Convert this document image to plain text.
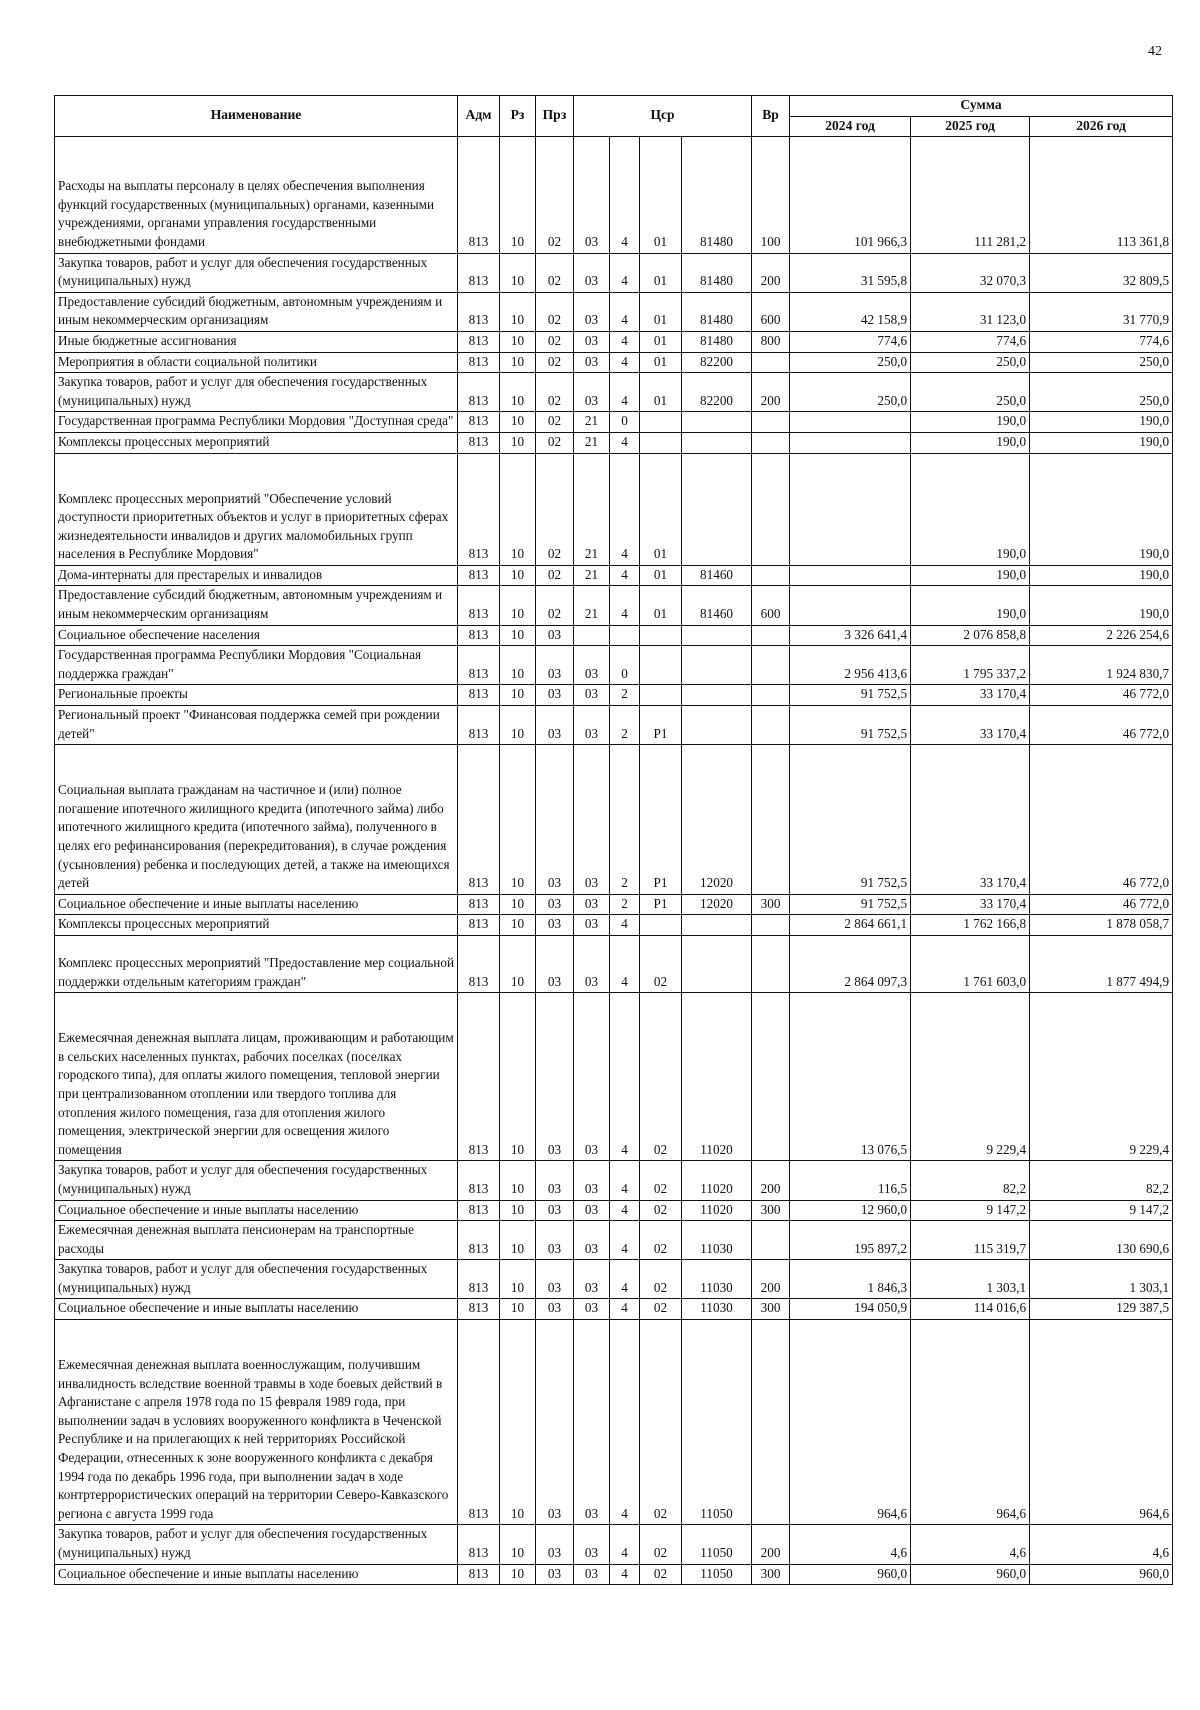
42
Наименование	Адм	Рз	Прз	Цср				Вр	Сумма		
									2024 год	2025 год	2026 год
Расходы на выплаты персоналу в целях обеспечения выполнения функций государственных (муниципальных) органами, казенными учреждениями, органами управления государственными внебюджетными фондами	813	10	02	03	4	01	81480	100	101 966,3	111 281,2	113 361,8
Закупка товаров, работ и услуг для обеспечения государственных (муниципальных) нужд	813	10	02	03	4	01	81480	200	31 595,8	32 070,3	32 809,5
Предоставление субсидий бюджетным, автономным учреждениям и иным некоммерческим организациям	813	10	02	03	4	01	81480	600	42 158,9	31 123,0	31 770,9
Иные бюджетные ассигнования	813	10	02	03	4	01	81480	800	774,6	774,6	774,6
Мероприятия в области социальной политики	813	10	02	03	4	01	82200		250,0	250,0	250,0
Закупка товаров, работ и услуг для обеспечения государственных (муниципальных) нужд	813	10	02	03	4	01	82200	200	250,0	250,0	250,0
Государственная программа Республики Мордовия "Доступная среда"	813	10	02	21	0					190,0	190,0
Комплексы процессных мероприятий	813	10	02	21	4					190,0	190,0
Комплекс процессных мероприятий "Обеспечение условий доступности приоритетных объектов и услуг в приоритетных сферах жизнедеятельности инвалидов и других маломобильных групп населения в Республике Мордовия"	813	10	02	21	4	01				190,0	190,0
Дома-интернаты для престарелых и инвалидов	813	10	02	21	4	01	81460			190,0	190,0
Предоставление субсидий бюджетным, автономным учреждениям и иным некоммерческим организациям	813	10	02	21	4	01	81460	600		190,0	190,0
Социальное обеспечение населения	813	10	03						3 326 641,4	2 076 858,8	2 226 254,6
Государственная программа Республики Мордовия "Социальная поддержка граждан"	813	10	03	03	0				2 956 413,6	1 795 337,2	1 924 830,7
Региональные проекты	813	10	03	03	2				91 752,5	33 170,4	46 772,0
Региональный проект "Финансовая поддержка семей при рождении детей"	813	10	03	03	2	P1			91 752,5	33 170,4	46 772,0
Социальная выплата гражданам на частичное и (или) полное погашение ипотечного жилищного кредита (ипотечного займа) либо ипотечного жилищного кредита (ипотечного займа), полученного в целях его рефинансирования (перекредитования), в случае рождения (усыновления) ребенка и последующих детей, а также на имеющихся детей	813	10	03	03	2	P1	12020		91 752,5	33 170,4	46 772,0
Социальное обеспечение и иные выплаты населению	813	10	03	03	2	P1	12020	300	91 752,5	33 170,4	46 772,0
Комплексы процессных мероприятий	813	10	03	03	4				2 864 661,1	1 762 166,8	1 878 058,7
Комплекс процессных мероприятий "Предоставление мер социальной поддержки отдельным категориям граждан"	813	10	03	03	4	02			2 864 097,3	1 761 603,0	1 877 494,9
Ежемесячная денежная выплата лицам, проживающим и работающим в сельских населенных пунктах, рабочих поселках (поселках городского типа), для оплаты жилого помещения, тепловой энергии при централизованном отоплении или твердого топлива для отопления жилого помещения, газа для отопления жилого помещения, электрической энергии для освещения жилого помещения	813	10	03	03	4	02	11020		13 076,5	9 229,4	9 229,4
Закупка товаров, работ и услуг для обеспечения государственных (муниципальных) нужд	813	10	03	03	4	02	11020	200	116,5	82,2	82,2
Социальное обеспечение и иные выплаты населению	813	10	03	03	4	02	11020	300	12 960,0	9 147,2	9 147,2
Ежемесячная денежная выплата пенсионерам на транспортные расходы	813	10	03	03	4	02	11030		195 897,2	115 319,7	130 690,6
Закупка товаров, работ и услуг для обеспечения государственных (муниципальных) нужд	813	10	03	03	4	02	11030	200	1 846,3	1 303,1	1 303,1
Социальное обеспечение и иные выплаты населению	813	10	03	03	4	02	11030	300	194 050,9	114 016,6	129 387,5
Ежемесячная денежная выплата военнослужащим, получившим инвалидность вследствие военной травмы в ходе боевых действий в Афганистане с апреля 1978 года по 15 февраля 1989 года, при выполнении задач в условиях вооруженного конфликта в Чеченской Республике и на прилегающих к ней территориях Российской Федерации, отнесенных к зоне вооруженного конфликта с декабря 1994 года по декабрь 1996 года, при выполнении задач в ходе контртеррористических операций на территории Северо-Кавказского региона с августа 1999 года	813	10	03	03	4	02	11050		964,6	964,6	964,6
Закупка товаров, работ и услуг для обеспечения государственных (муниципальных) нужд	813	10	03	03	4	02	11050	200	4,6	4,6	4,6
Социальное обеспечение и иные выплаты населению	813	10	03	03	4	02	11050	300	960,0	960,0	960,0
